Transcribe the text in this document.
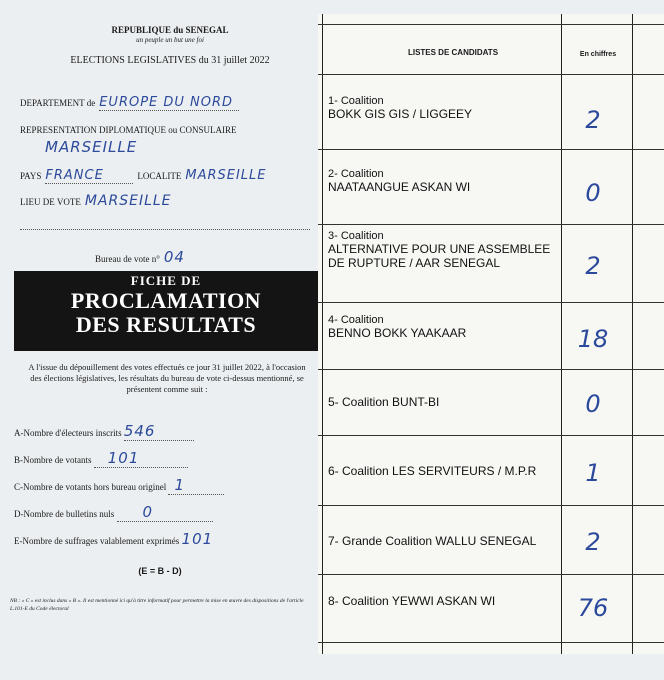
REPUBLIQUE du SENEGAL
un peuple un but une foi
ELECTIONS LEGISLATIVES du 31 juillet 2022
DEPARTEMENT de EUROPE DU NORD
REPRESENTATION DIPLOMATIQUE ou CONSULAIRE
MARSEILLE
PAYS FRANCE	LOCALITE MARSEILLE
LIEU DE VOTE MARSEILLE
Bureau de vote n° 04
FICHE DE
PROCLAMATION
DES RESULTATS
A l'issue du dépouillement des votes effectués ce jour 31 juillet 2022, à l'occasion des élections législatives, les résultats du bureau de vote ci-dessus mentionné, se présentent comme suit :
A-Nombre d'électeurs inscrits 546
B-Nombre de votants 101
C-Nombre de votants hors bureau originel 1
D-Nombre de bulletins nuls 0
E-Nombre de suffrages valablement exprimés 101
(E = B - D)
NB : « C » est inclus dans « B ». Il est mentionné ici qu'à titre informatif pour permettre la mise en œuvre des dispositions de l'article L.101-E du Code électoral
LISTES DE CANDIDATS	En chiffres
1- Coalition
BOKK GIS GIS / LIGGEEY	2
2- Coalition
NAATAANGUE ASKAN WI	0
3- Coalition
ALTERNATIVE POUR UNE ASSEMBLEE
DE RUPTURE / AAR SENEGAL	2
4- Coalition
BENNO BOKK YAAKAAR	18
5- Coalition BUNT-BI	0
6- Coalition LES SERVITEURS / M.P.R	1
7- Grande Coalition WALLU SENEGAL	2
8- Coalition YEWWI ASKAN WI	76
